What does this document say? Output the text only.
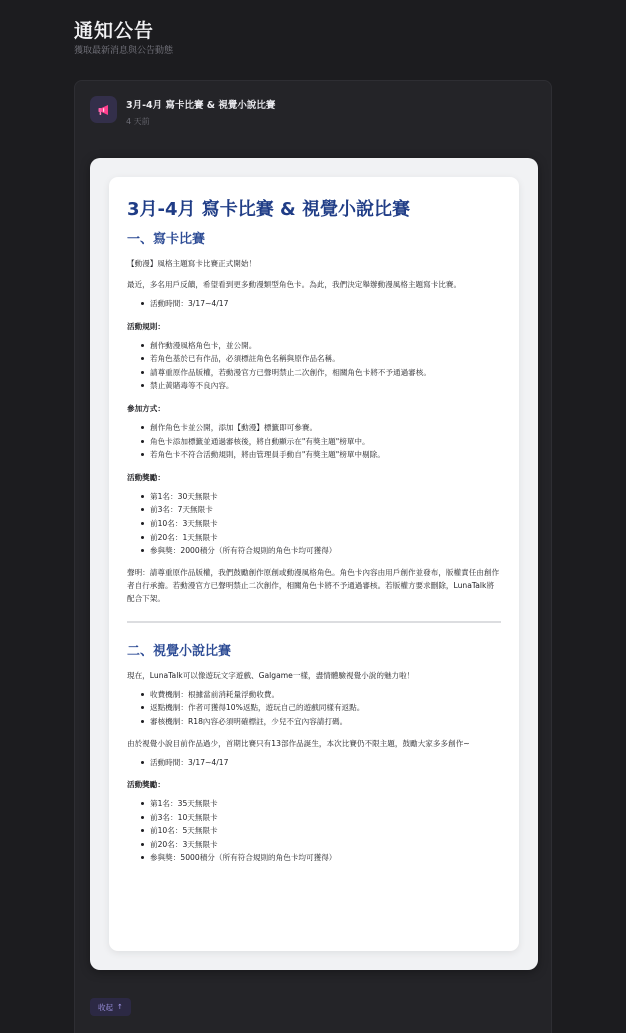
通知公告
獲取最新消息與公告動態
3月-4月 寫卡比賽 & 視覺小說比賽
4 天前
3月-4月 寫卡比賽 & 視覺小說比賽
一、寫卡比賽

【動漫】風格主題寫卡比賽正式開始！

最近，多名用戶反饋，希望看到更多動漫類型角色卡。為此，我們決定舉辦動漫風格主題寫卡比賽。

活動時間：3/17~4/17

活動規則：

創作動漫風格角色卡，並公開。
若角色基於已有作品，必須標註角色名稱與原作品名稱。
請尊重原作品版權，若動漫官方已聲明禁止二次創作，相關角色卡將不予通過審核。
禁止黃賭毒等不良內容。

參加方式：

創作角色卡並公開，添加【動漫】標籤即可參賽。
角色卡添加標籤並通過審核後，將自動顯示在"有獎主題"榜單中。
若角色卡不符合活動規則，將由管理員手動自"有獎主題"榜單中剔除。

活動獎勵：

第1名：30天無限卡
前3名：7天無限卡
前10名：3天無限卡
前20名：1天無限卡
參與獎：2000積分（所有符合規則的角色卡均可獲得）

聲明：請尊重原作品版權，我們鼓勵創作原創或動漫風格角色。角色卡內容由用戶創作並發布，版權責任由創作者自行承擔。若動漫官方已聲明禁止二次創作，相關角色卡將不予通過審核。若版權方要求刪除，LunaTalk將配合下架。

二、視覺小說比賽

現在，LunaTalk可以像遊玩文字遊戲、Galgame一樣，盡情體驗視覺小說的魅力啦！

收費機制：根據當前消耗量浮動收費。
返點機制：作者可獲得10%返點，遊玩自己的遊戲同樣有返點。
審核機制：R18內容必須明確標註，少兒不宜內容請打碼。

由於視覺小說目前作品過少，首期比賽只有13部作品誕生，本次比賽仍不限主題，鼓勵大家多多創作~

活動時間：3/17~4/17

活動獎勵：

第1名：35天無限卡
前3名：10天無限卡
前10名：5天無限卡
前20名：3天無限卡
參與獎：5000積分（所有符合規則的角色卡均可獲得）
收起 ↑
